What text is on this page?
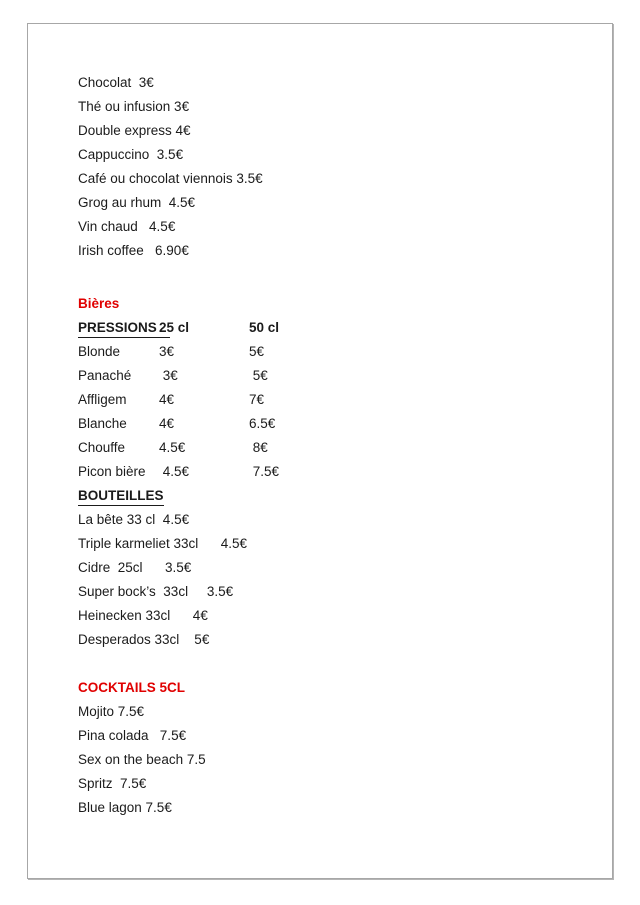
Chocolat  3€
Thé ou infusion 3€
Double express 4€
Cappuccino  3.5€
Café ou chocolat viennois 3.5€
Grog au rhum  4.5€
Vin chaud   4.5€
Irish coffee   6.90€
Bières
PRESSIONS 25 cl	50 cl
Blonde	3€	5€
Panaché	3€	5€
Affligem	4€	7€
Blanche	4€	6.5€
Chouffe	4.5€	8€
Picon bière 4.5€	7.5€
BOUTEILLES
La bête 33 cl  4.5€
Triple karmeliet 33cl      4.5€
Cidre  25cl      3.5€
Super bock’s  33cl     3.5€
Heinecken 33cl      4€
Desperados 33cl    5€
COCKTAILS 5CL
Mojito 7.5€
Pina colada   7.5€
Sex on the beach 7.5
Spritz  7.5€
Blue lagon 7.5€
